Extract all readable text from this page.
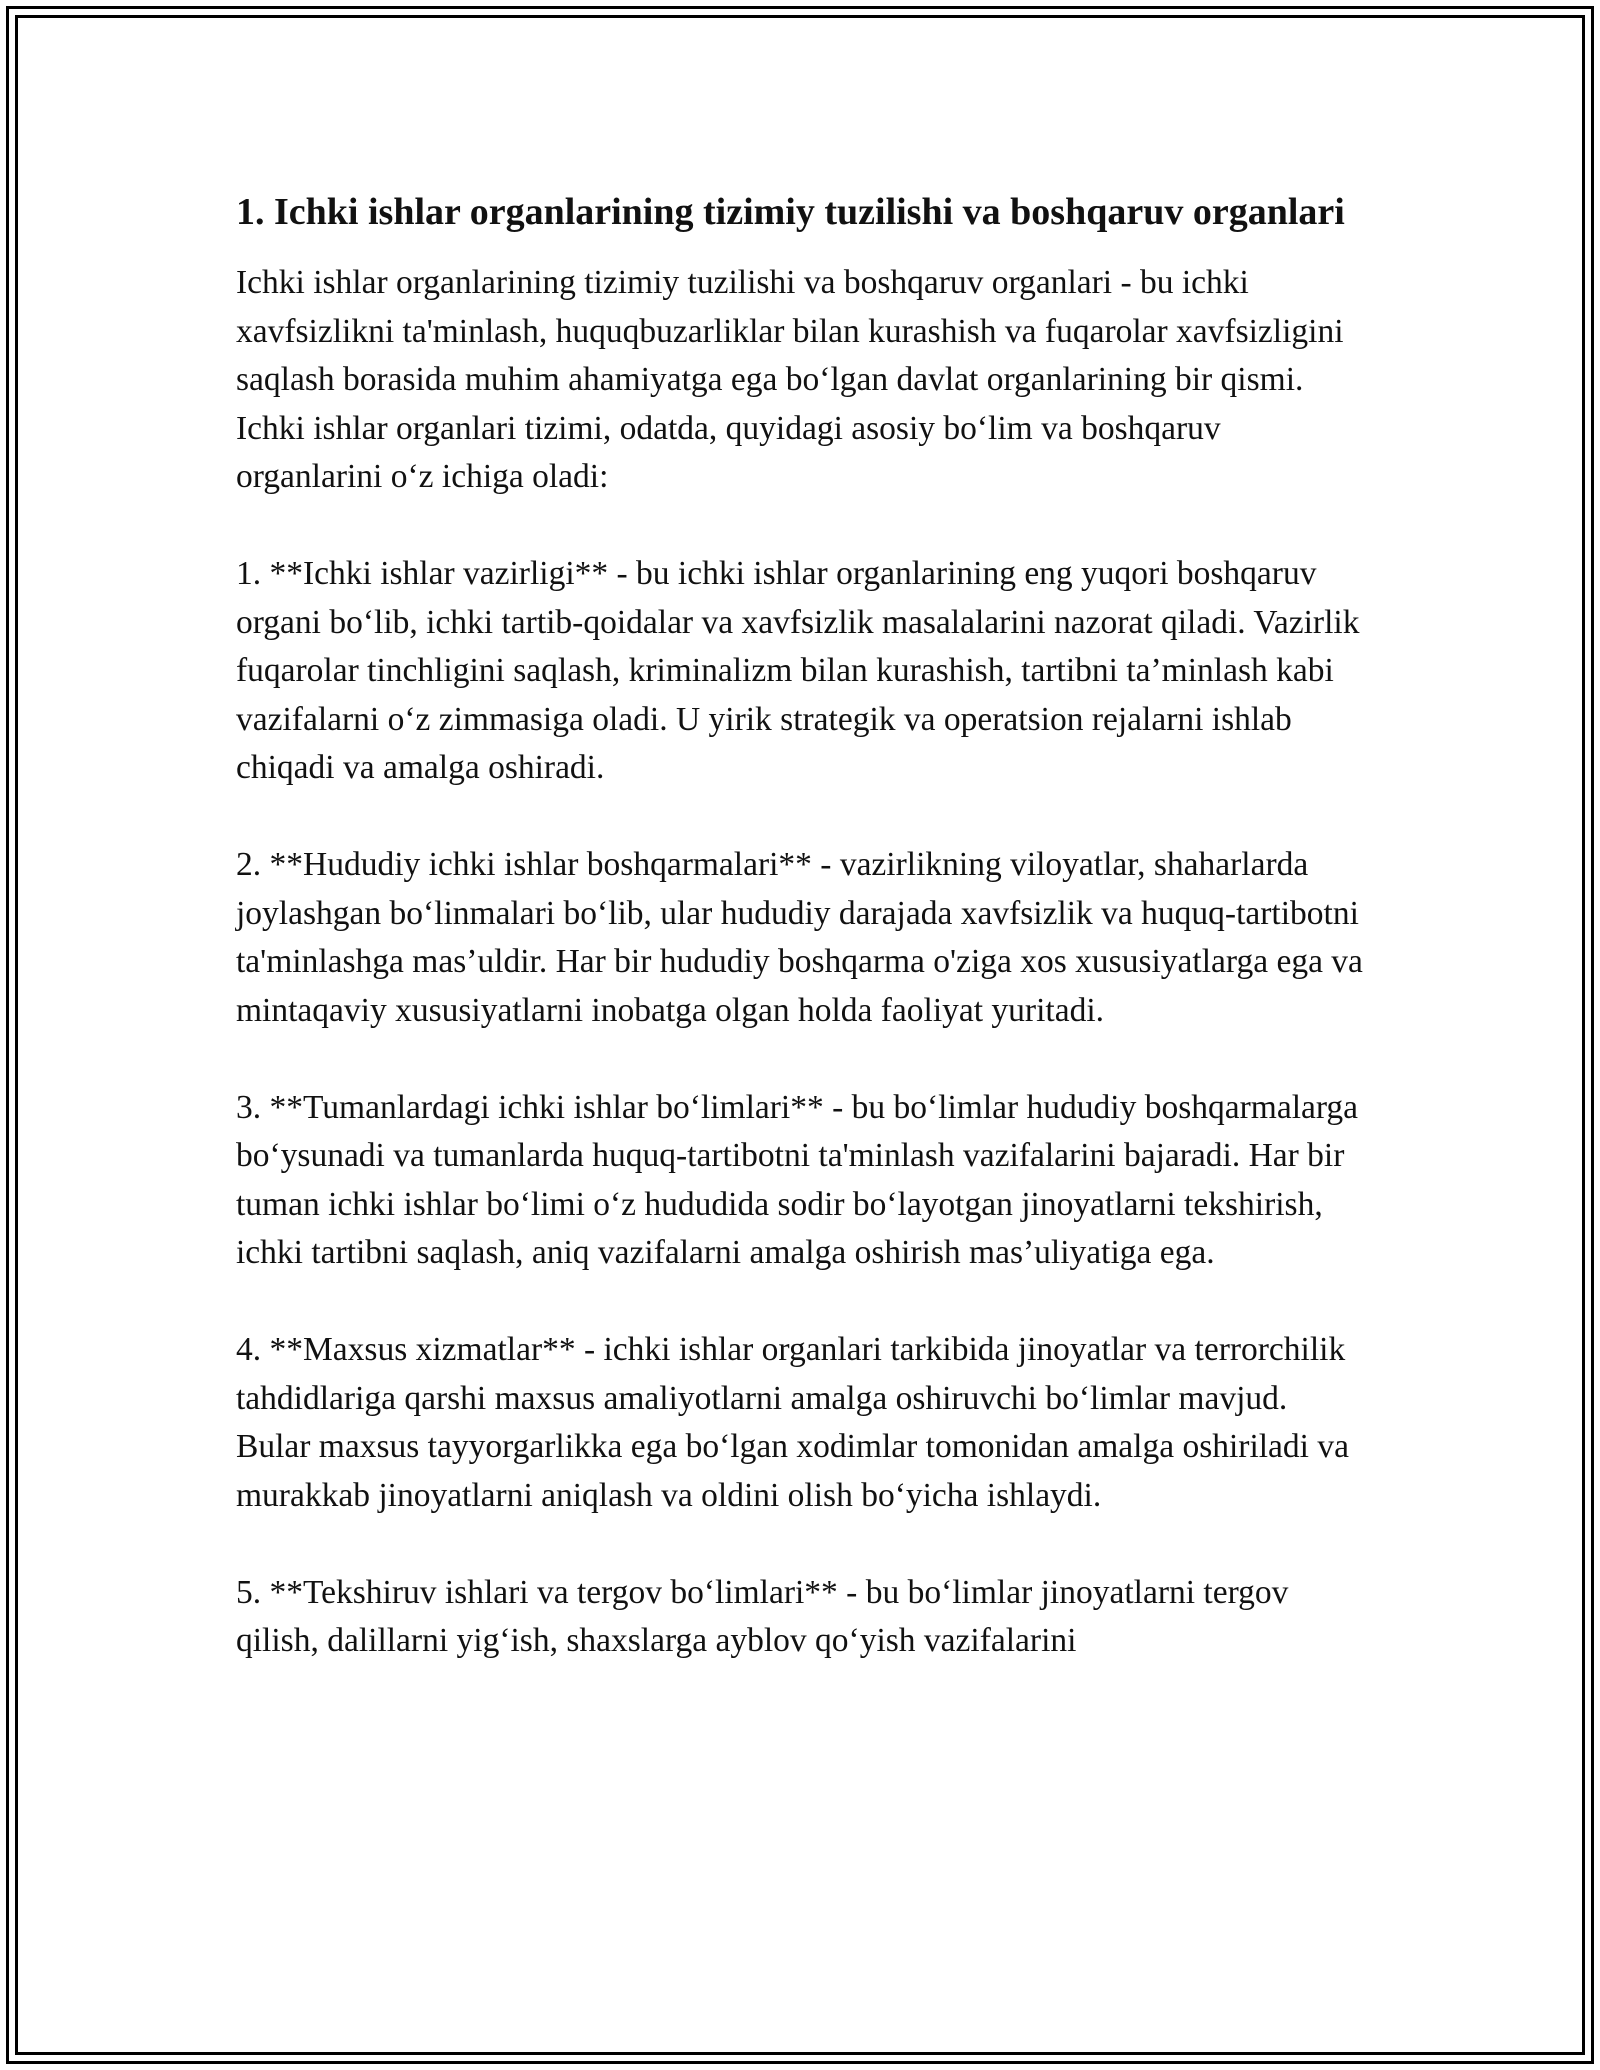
1. Ichki ishlar organlarining tizimiy tuzilishi va boshqaruv organlari

Ichki ishlar organlarining tizimiy tuzilishi va boshqaruv organlari - bu ichki xavfsizlikni ta'minlash, huquqbuzarliklar bilan kurashish va fuqarolar xavfsizligini saqlash borasida muhim ahamiyatga ega bo‘lgan davlat organlarining bir qismi. Ichki ishlar organlari tizimi, odatda, quyidagi asosiy bo‘lim va boshqaruv organlarini o‘z ichiga oladi:

1. **Ichki ishlar vazirligi** - bu ichki ishlar organlarining eng yuqori boshqaruv organi bo‘lib, ichki tartib-qoidalar va xavfsizlik masalalarini nazorat qiladi. Vazirlik fuqarolar tinchligini saqlash, kriminalizm bilan kurashish, tartibni ta’minlash kabi vazifalarni o‘z zimmasiga oladi. U yirik strategik va operatsion rejalarni ishlab chiqadi va amalga oshiradi.

2. **Hududiy ichki ishlar boshqarmalari** - vazirlikning viloyatlar, shaharlarda joylashgan bo‘linmalari bo‘lib, ular hududiy darajada xavfsizlik va huquq-tartibotni ta'minlashga mas’uldir. Har bir hududiy boshqarma o'ziga xos xususiyatlarga ega va mintaqaviy xususiyatlarni inobatga olgan holda faoliyat yuritadi.

3. **Tumanlardagi ichki ishlar bo‘limlari** - bu bo‘limlar hududiy boshqarmalarga bo‘ysunadi va tumanlarda huquq-tartibotni ta'minlash vazifalarini bajaradi. Har bir tuman ichki ishlar bo‘limi o‘z hududida sodir bo‘layotgan jinoyatlarni tekshirish, ichki tartibni saqlash, aniq vazifalarni amalga oshirish mas’uliyatiga ega.

4. **Maxsus xizmatlar** - ichki ishlar organlari tarkibida jinoyatlar va terrorchilik tahdidlariga qarshi maxsus amaliyotlarni amalga oshiruvchi bo‘limlar mavjud. Bular maxsus tayyorgarlikka ega bo‘lgan xodimlar tomonidan amalga oshiriladi va murakkab jinoyatlarni aniqlash va oldini olish bo‘yicha ishlaydi.

5. **Tekshiruv ishlari va tergov bo‘limlari** - bu bo‘limlar jinoyatlarni tergov qilish, dalillarni yig‘ish, shaxslarga ayblov qo‘yish vazifalarini
